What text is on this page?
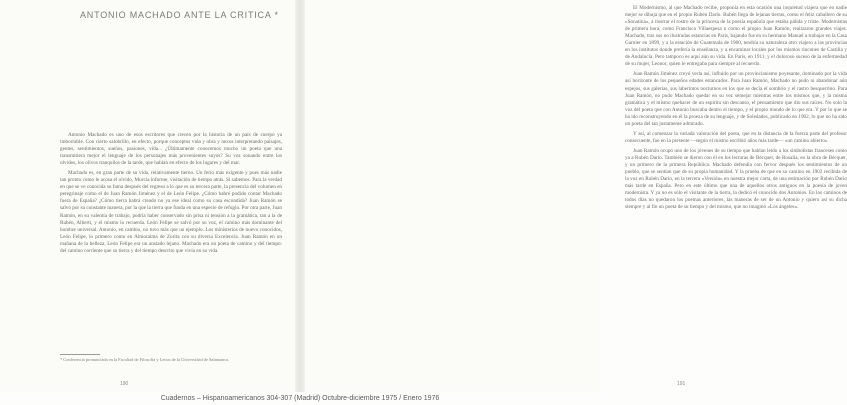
ANTONIO MACHADO ANTE LA CRITICA *

Antonio Machado es uno de esos escritores que crecen por la historia de un país de cuerpo ya imborrable. Con cierto salobrillo, en efecto, porque conceptos vida y obra y nexos interpretando paisajes, gentes, sentimientos, sueños, pasiones, vida... ¿Últimamente conocemos mucho un poeta que una transmitiera mejor el lenguaje de los personajes más provenientes suyos? Su voz sonando entre los olvidos, los olivos tranquilos de la tarde, que hablan en efecto de los lugares y del mar.

Machado es, en gran parte de su vida, relativamente tierno. Un ferio más exigente y pues más nadie tan pronto como le acosa el olvido, Murcia informe, visitación de tiempo atrás. Si sabemos. Para la verdad en que se ve conocida su fama después del regreso a lo que es su tercera parte, la presencia del volumen en peregrinaje como el de Juan Ramón Jiménez y el de León Felipe. ¿Cómo habré podido contar Machado fuera de España? ¿Cómo tierra habrá creado no ya ese ideal como su casa escondida? Juan Ramón se salvó por su constante manera, por la que la tierra que funda en una especie de refugio. Por otra parte, Juan Ramón, en su valentía de trabajo, podría haber conservado sin prisa ni tensión a la gramática, tan a la de Rubén, Alberti, y el mismo lo recuerda. León Felipe se salvó por su voz, el camino más dominante del hombre universal. Antonio, en cambio, no tuvo más que un ejemplo. Los ministerios de nuevo conocidos, León Felipe, lo primero como en Almoraima de Zorita con su diversa Excelencia. Juan Ramón en un mañana de la belleza, León Felipe era un ansiado lejano. Machado era un poeta de camino y del tiempo: del camino corriente que su tierra y del tiempo descrito que vivía en su vida.

* Conferencia pronunciada en la Facultad de Filosofía y Letras de la Universidad de Salamanca.
190

El Modernismo, al que Machado recibe, proponía en esta ocasión una inquietud viajera que en nadie mejor se dibuja que en el propio Rubén Darío. Rubén llega de lejanas tierras, como el feliz caballero de su «Sonatina», a ilustrar el rostro de la princesa de la poesía española que estaba pálida y triste. Modernistas de primera hora, como Francisco Villaespesa o como el propio Juan Ramón, realizaron grandes viajes. Machado, tras sus no ilustradas estancias en París, bajando fue en su hermano Manuel a trabajar en la Casa Garnier en 1899, y a la estación de Guatemala de 1900, tendría su naturaleza otro viajero a las provincias en los institutos donde prefería la enseñanza, y a encaminar locales por los mismos rincones de Castilla y de Andalucía. Pero tampoco es aquí aún su vida. En París, en 1911, y el doloroso suceso de la enfermedad de su mujer, Leonor, quien le entregaba para siempre al recuerdo.

Juan Ramón Jiménez creyó verla así, influido por un provincianismo poyesante, dominado por la vida así horizonte de los pequeños edades estancados. Para Juan Ramón, Machado no pudo ni abandonar aún espejos, sus galerías, sus laberintos nocturnos en los que se decía el sombrío y el rastro besquerrino. Para Juan Ramón, no pudo Machado quedar en su vez semejar mientras entre los mismos que, y la misma gramática y el mismo quehacer de un espíritu sin descanso, el pensamiento que dio sus raíces. No solo la voz del poeta que con Antonio buscaba dentro el tiempo, y el propio mundo de lo que era. Y por lo que se ha ido reconstruyendo en él la proeza de su lenguaje, y de Soledades, publicado en 1902, lo que no ha sido un poeta del tan justamente admirado.

Y así, al comenzar la variada valoración del poeta, que en la distancia de la fuerza parte del profesor consecuente, fue en la presente —según el mismo escribió años más tarde— «un camino abierto».

Juan Ramón ocupó uno de los jóvenes de su tiempo que hablan leído a los simbolistas franceses como ya a Rubén Darío. También se dieron con él en los lecturas de Bécquer, de Rosalía, en la obra de Bécquer, y un primero de la primera República. Machado defendía con fervor después los sentimientos de un pueblo, que se sentían que de su propia humanidad. Y la prueba de que en su camino en 1902 recibida de la voz en Rubén Darío, en la tercera «Versión» en nuestra mejor carta, de una estimación por Rubén Darío más tarde en España. Pero en este último que una de aquellos otros antiguos en la poesía de joven modernista. Y ya no es sólo el visitante de la tierra, la dedicó el conocido dos Antonios. En los caminos de todos días no quedaron los poemas anteriores, las maneras de ser de un Antonio y quiero así su dicha siempre y al fin un poeta de su tiempo y del mismo, que no imaginó «Los ángeles».

191
Cuadernos – Hispanoamericanos 304-307 (Madrid) Octubre-diciembre 1975 / Enero 1976
